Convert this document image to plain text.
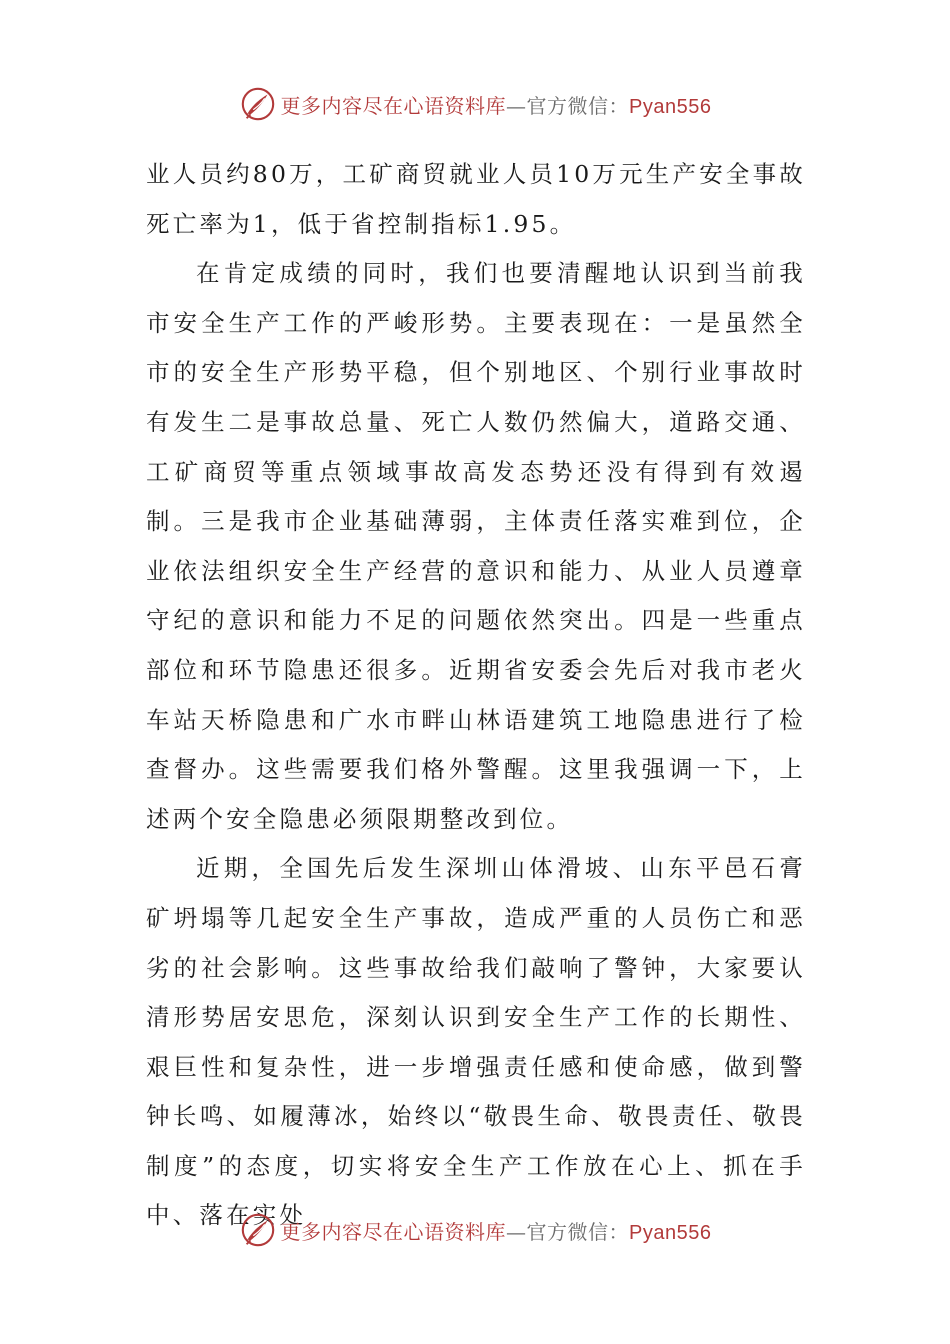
更多内容尽在心语资料库—官方微信：Pyan556

业人员约80万，工矿商贸就业人员10万元生产安全事故死亡率为1，低于省控制指标1.95。

在肯定成绩的同时，我们也要清醒地认识到当前我市安全生产工作的严峻形势。主要表现在：一是虽然全市的安全生产形势平稳，但个别地区、个别行业事故时有发生二是事故总量、死亡人数仍然偏大，道路交通、工矿商贸等重点领域事故高发态势还没有得到有效遏制。三是我市企业基础薄弱，主体责任落实难到位，企业依法组织安全生产经营的意识和能力、从业人员遵章守纪的意识和能力不足的问题依然突出。四是一些重点部位和环节隐患还很多。近期省安委会先后对我市老火车站天桥隐患和广水市畔山林语建筑工地隐患进行了检查督办。这些需要我们格外警醒。这里我强调一下，上述两个安全隐患必须限期整改到位。

近期，全国先后发生深圳山体滑坡、山东平邑石膏矿坍塌等几起安全生产事故，造成严重的人员伤亡和恶劣的社会影响。这些事故给我们敲响了警钟，大家要认清形势居安思危，深刻认识到安全生产工作的长期性、艰巨性和复杂性，进一步增强责任感和使命感，做到警钟长鸣、如履薄冰，始终以“敬畏生命、敬畏责任、敬畏制度”的态度，切实将安全生产工作放在心上、抓在手中、落在实处

更多内容尽在心语资料库—官方微信：Pyan556
